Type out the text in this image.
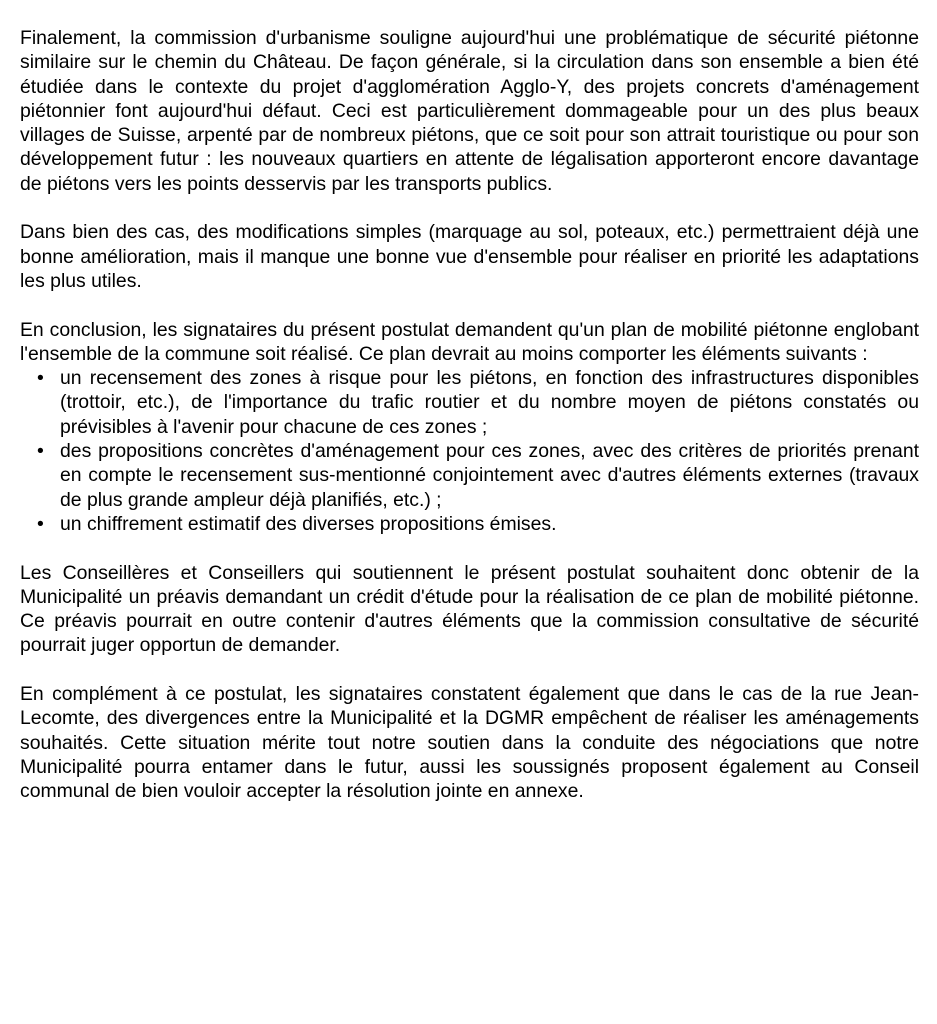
Finalement, la commission d'urbanisme souligne aujourd'hui une problématique de sécurité piétonne similaire sur le chemin du Château. De façon générale, si la circulation dans son ensemble a bien été étudiée dans le contexte du projet d'agglomération Agglo-Y, des projets concrets d'aménagement piétonnier font aujourd'hui défaut. Ceci est particulièrement dommageable pour un des plus beaux villages de Suisse, arpenté par de nombreux piétons, que ce soit pour son attrait touristique ou pour son développement futur : les nouveaux quartiers en attente de légalisation apporteront encore davantage de piétons vers les points desservis par les transports publics.

Dans bien des cas, des modifications simples (marquage au sol, poteaux, etc.) permettraient déjà une bonne amélioration, mais il manque une bonne vue d'ensemble pour réaliser en priorité les adaptations les plus utiles.

En conclusion, les signataires du présent postulat demandent qu'un plan de mobilité piétonne englobant l'ensemble de la commune soit réalisé. Ce plan devrait au moins comporter les éléments suivants :

• un recensement des zones à risque pour les piétons, en fonction des infrastructures disponibles (trottoir, etc.), de l'importance du trafic routier et du nombre moyen de piétons constatés ou prévisibles à l'avenir pour chacune de ces zones ;
• des propositions concrètes d'aménagement pour ces zones, avec des critères de priorités prenant en compte le recensement sus-mentionné conjointement avec d'autres éléments externes (travaux de plus grande ampleur déjà planifiés, etc.) ;
• un chiffrement estimatif des diverses propositions émises.

Les Conseillères et Conseillers qui soutiennent le présent postulat souhaitent donc obtenir de la Municipalité un préavis demandant un crédit d'étude pour la réalisation de ce plan de mobilité piétonne. Ce préavis pourrait en outre contenir d'autres éléments que la commission consultative de sécurité pourrait juger opportun de demander.

En complément à ce postulat, les signataires constatent également que dans le cas de la rue Jean-Lecomte, des divergences entre la Municipalité et la DGMR empêchent de réaliser les aménagements souhaités. Cette situation mérite tout notre soutien dans la conduite des négociations que notre Municipalité pourra entamer dans le futur, aussi les soussignés proposent également au Conseil communal de bien vouloir accepter la résolution jointe en annexe.
